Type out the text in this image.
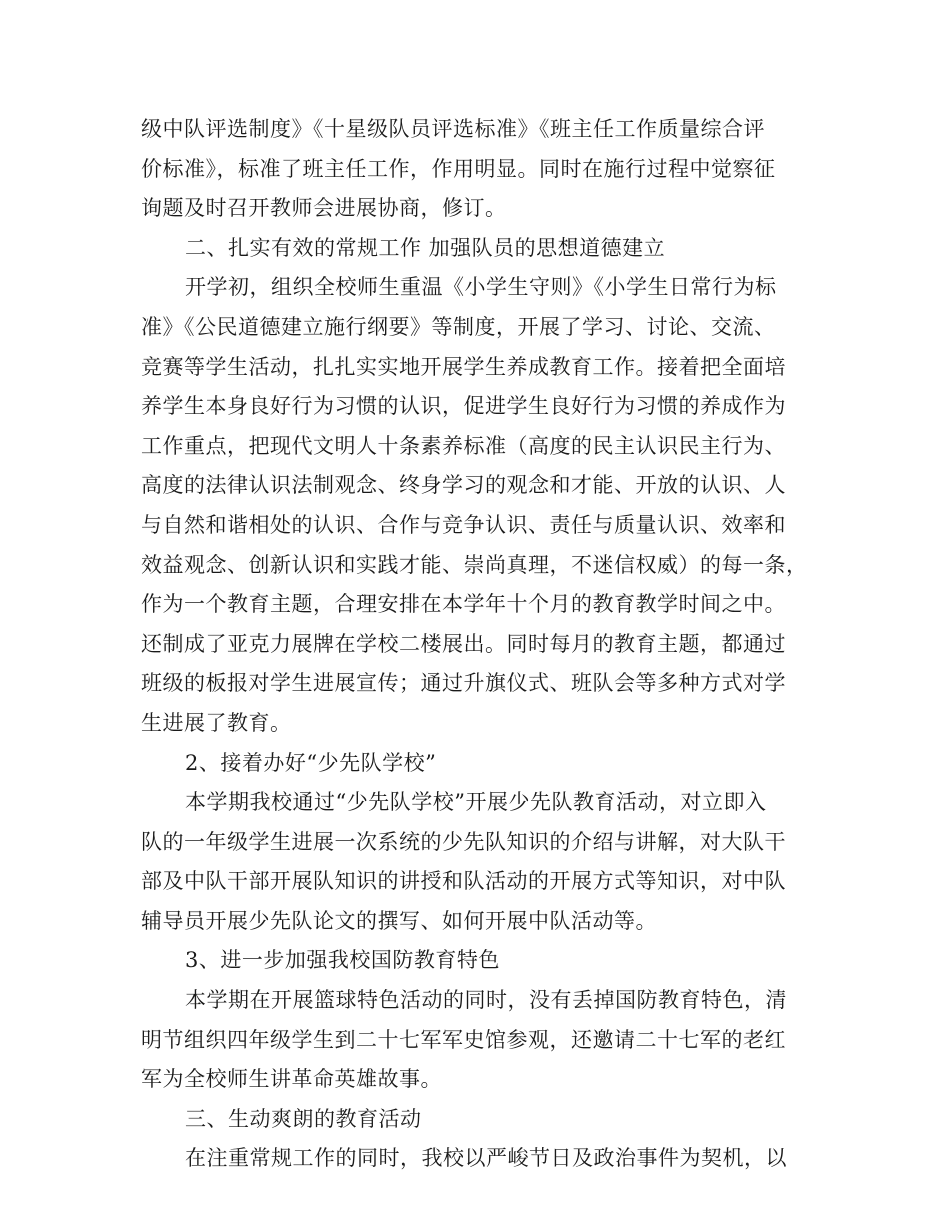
级中队评选制度》《十星级队员评选标准》《班主任工作质量综合评
价标准》，标准了班主任工作，作用明显。同时在施行过程中觉察征
询题及时召开教师会进展协商，修订。
二、扎实有效的常规工作 加强队员的思想道德建立
开学初，组织全校师生重温《小学生守则》《小学生日常行为标
准》《公民道德建立施行纲要》等制度，开展了学习、讨论、交流、
竞赛等学生活动，扎扎实实地开展学生养成教育工作。接着把全面培
养学生本身良好行为习惯的认识，促进学生良好行为习惯的养成作为
工作重点，把现代文明人十条素养标准（高度的民主认识民主行为、
高度的法律认识法制观念、终身学习的观念和才能、开放的认识、人
与自然和谐相处的认识、合作与竞争认识、责任与质量认识、效率和
效益观念、创新认识和实践才能、崇尚真理，不迷信权威）的每一条，
作为一个教育主题，合理安排在本学年十个月的教育教学时间之中。
还制成了亚克力展牌在学校二楼展出。同时每月的教育主题，都通过
班级的板报对学生进展宣传；通过升旗仪式、班队会等多种方式对学
生进展了教育。
2、接着办好“少先队学校”
本学期我校通过“少先队学校”开展少先队教育活动，对立即入
队的一年级学生进展一次系统的少先队知识的介绍与讲解，对大队干
部及中队干部开展队知识的讲授和队活动的开展方式等知识，对中队
辅导员开展少先队论文的撰写、如何开展中队活动等。
3、进一步加强我校国防教育特色
本学期在开展篮球特色活动的同时，没有丢掉国防教育特色，清
明节组织四年级学生到二十七军军史馆参观，还邀请二十七军的老红
军为全校师生讲革命英雄故事。
三、生动爽朗的教育活动
在注重常规工作的同时，我校以严峻节日及政治事件为契机，以
